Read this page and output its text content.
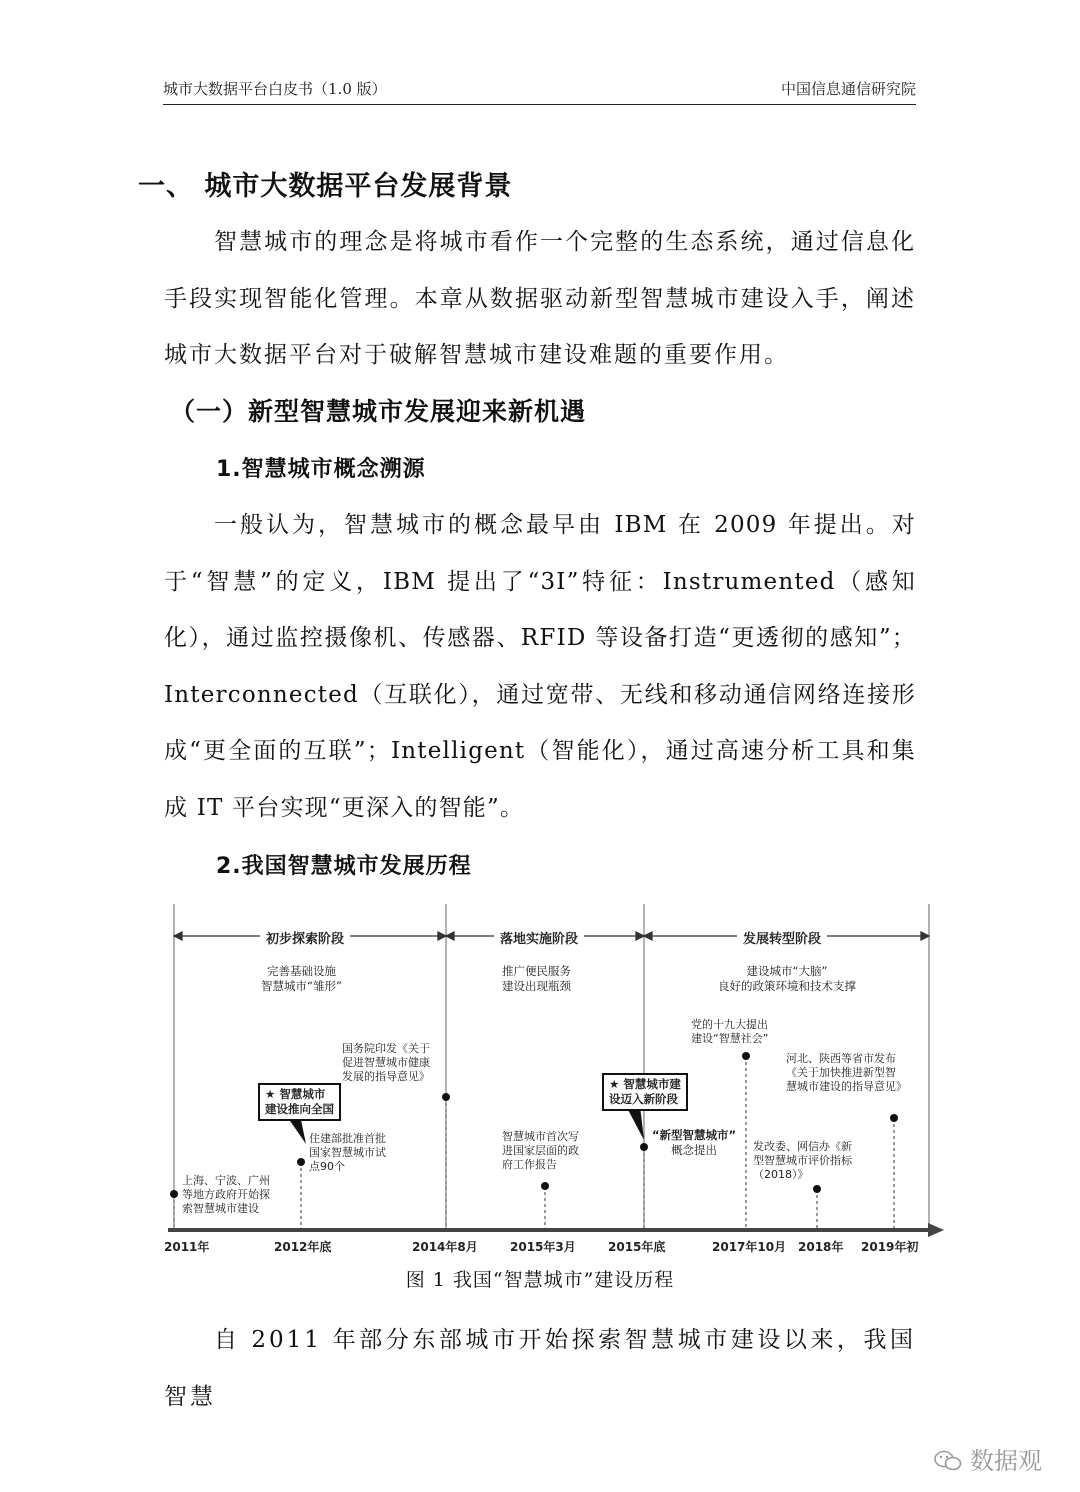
城市大数据平台白皮书（1.0 版）	中国信息通信研究院
一、 城市大数据平台发展背景

智慧城市的理念是将城市看作一个完整的生态系统，通过信息化手段实现智能化管理。本章从数据驱动新型智慧城市建设入手，阐述城市大数据平台对于破解智慧城市建设难题的重要作用。

（一）新型智慧城市发展迎来新机遇
1.智慧城市概念溯源

一般认为，智慧城市的概念最早由 IBM 在 2009 年提出。对于“智慧”的定义，IBM 提出了“3I”特征：Instrumented（感知化），通过监控摄像机、传感器、RFID 等设备打造“更透彻的感知”；Interconnected（互联化），通过宽带、无线和移动通信网络连接形成“更全面的互联”；Intelligent（智能化），通过高速分析工具和集成 IT 平台实现“更深入的智能”。

2.我国智慧城市发展历程
初步探索阶段	落地实施阶段	发展转型阶段
完善基础设施
智慧城市“雏形”
推广便民服务
建设出现瓶颈
建设城市“大脑”
良好的政策环境和技术支撑
上海、宁波、广州
等地方政府开始探
索智慧城市建设
住建部批准首批
国家智慧城市试
点90个
★ 智慧城市
建设推向全国
国务院印发《关于
促进智慧城市健康
发展的指导意见》
智慧城市首次写
进国家层面的政
府工作报告
★ 智慧城市建
设迈入新阶段
“新型智慧城市”
概念提出
党的十九大提出
建设“智慧社会”
发改委、网信办《新
型智慧城市评价指标
（2018）》
河北、陕西等省市发布
《关于加快推进新型智
慧城市建设的指导意见》
2011年	2012年底	2014年8月	2015年3月	2015年底	2017年10月 2018年 2019年初
图 1 我国“智慧城市”建设历程

自 2011 年部分东部城市开始探索智慧城市建设以来，我国智慧

数据观
